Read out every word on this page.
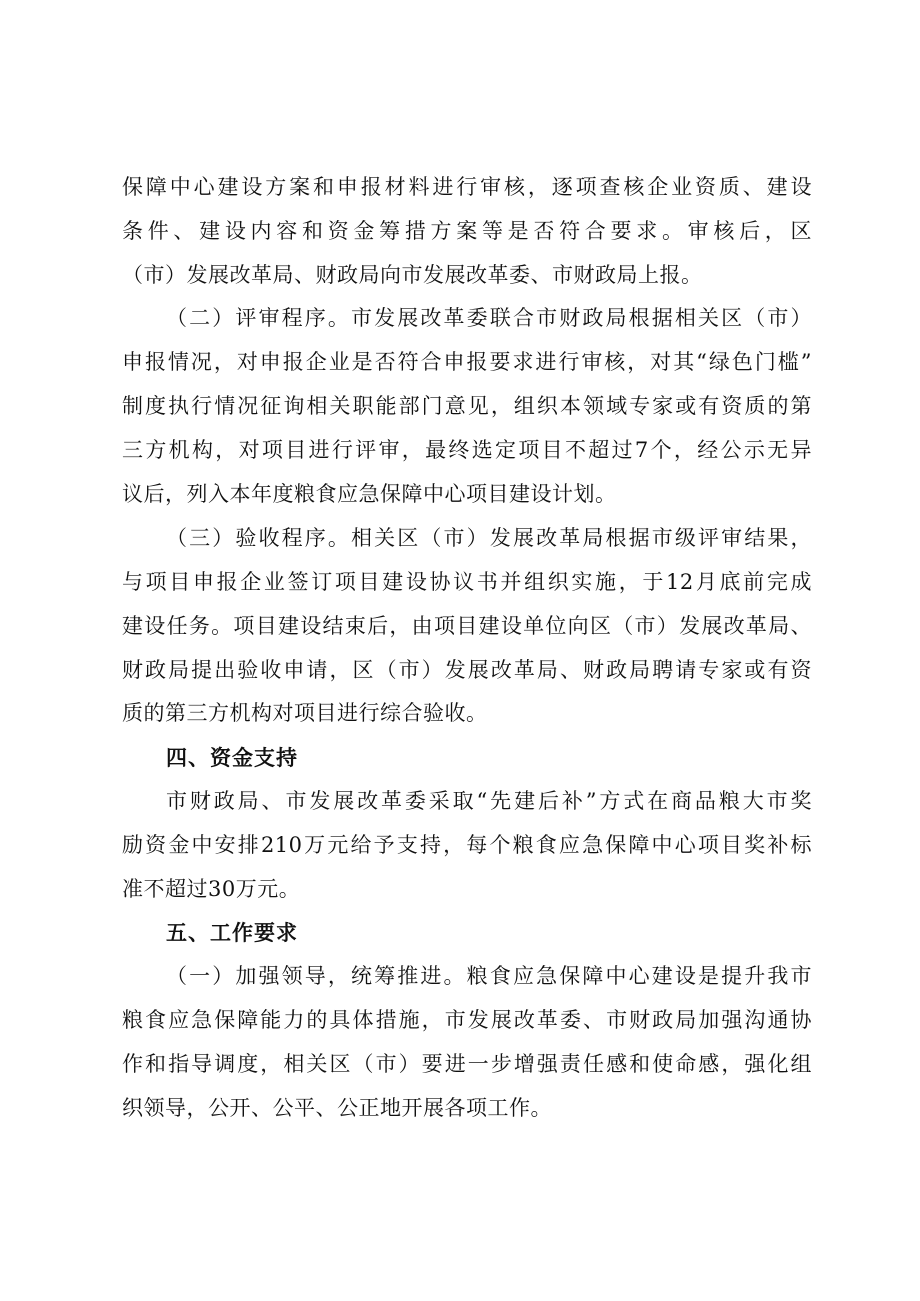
保障中心建设方案和申报材料进行审核，逐项查核企业资质、建设
条件、建设内容和资金筹措方案等是否符合要求。审核后，区
（市）发展改革局、财政局向市发展改革委、市财政局上报。
（二）评审程序。市发展改革委联合市财政局根据相关区（市）
申报情况，对申报企业是否符合申报要求进行审核，对其“绿色门槛”
制度执行情况征询相关职能部门意见，组织本领域专家或有资质的第
三方机构，对项目进行评审，最终选定项目不超过7个，经公示无异
议后，列入本年度粮食应急保障中心项目建设计划。
（三）验收程序。相关区（市）发展改革局根据市级评审结果，
与项目申报企业签订项目建设协议书并组织实施，于12月底前完成
建设任务。项目建设结束后，由项目建设单位向区（市）发展改革局、
财政局提出验收申请，区（市）发展改革局、财政局聘请专家或有资
质的第三方机构对项目进行综合验收。
四、资金支持
市财政局、市发展改革委采取“先建后补”方式在商品粮大市奖
励资金中安排210万元给予支持，每个粮食应急保障中心项目奖补标
准不超过30万元。
五、工作要求
（一）加强领导，统筹推进。粮食应急保障中心建设是提升我市
粮食应急保障能力的具体措施，市发展改革委、市财政局加强沟通协
作和指导调度，相关区（市）要进一步增强责任感和使命感，强化组
织领导，公开、公平、公正地开展各项工作。
